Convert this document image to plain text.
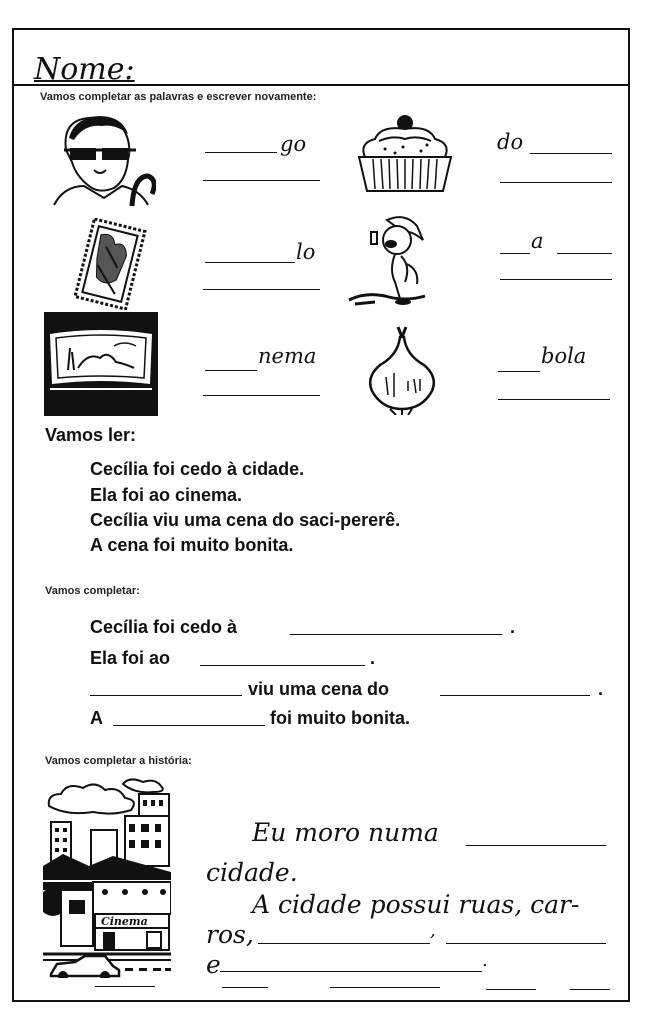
Nome:
Vamos completar as palavras e escrever novamente:
go	do
lo	a
nema	bola
Vamos ler:
Cecília foi cedo à cidade.
Ela foi ao cinema.
Cecília viu uma cena do saci-pererê.
A cena foi muito bonita.
Vamos completar:
Cecília foi cedo à	.
Ela foi ao	.
viu uma cena do	.
A	foi muito bonita.
Vamos completar a história:
Cinema
Eu moro numa
cidade.
A cidade possui ruas, car-
ros,	,
e	.
